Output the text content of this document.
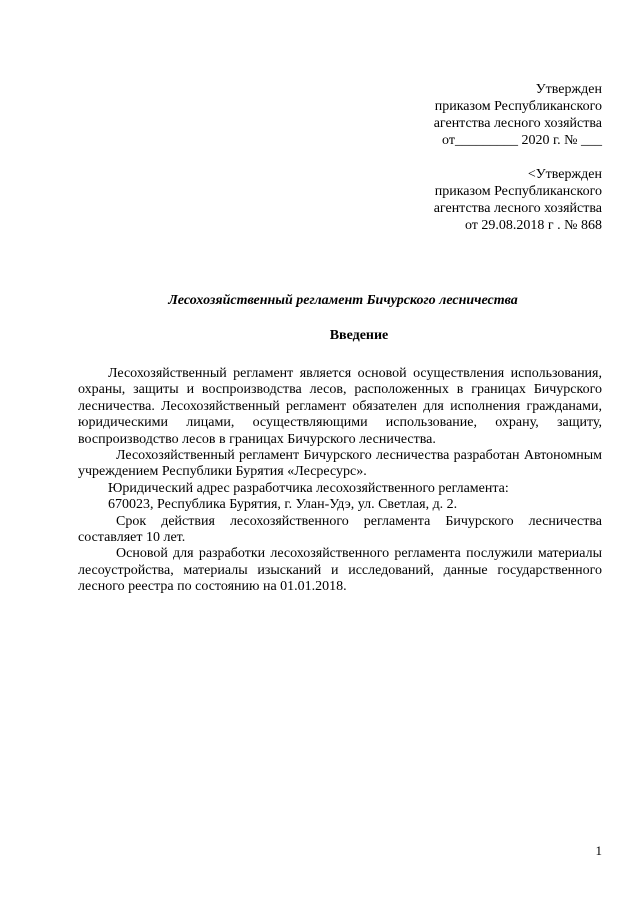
Утвержден
приказом Республиканского
агентства лесного хозяйства
от_________ 2020 г. № ___
<Утвержден
приказом Республиканского
агентства лесного хозяйства
от 29.08.2018 г . № 868
Лесохозяйственный регламент Бичурского лесничества
Введение

Лесохозяйственный регламент является основой осуществления использования, охраны, защиты и воспроизводства лесов, расположенных в границах Бичурского лесничества. Лесохозяйственный регламент обязателен для исполнения гражданами, юридическими лицами, осуществляющими использование, охрану, защиту, воспроизводство лесов в границах Бичурского лесничества.

Лесохозяйственный регламент Бичурского лесничества разработан Автономным учреждением Республики Бурятия «Лесресурс».

Юридический адрес разработчика лесохозяйственного регламента:

670023, Республика Бурятия, г. Улан-Удэ, ул. Светлая, д. 2.

Срок действия лесохозяйственного регламента Бичурского лесничества составляет 10 лет.

Основой для разработки лесохозяйственного регламента послужили материалы лесоустройства, материалы изысканий и исследований, данные государственного лесного реестра по состоянию на 01.01.2018.

1
